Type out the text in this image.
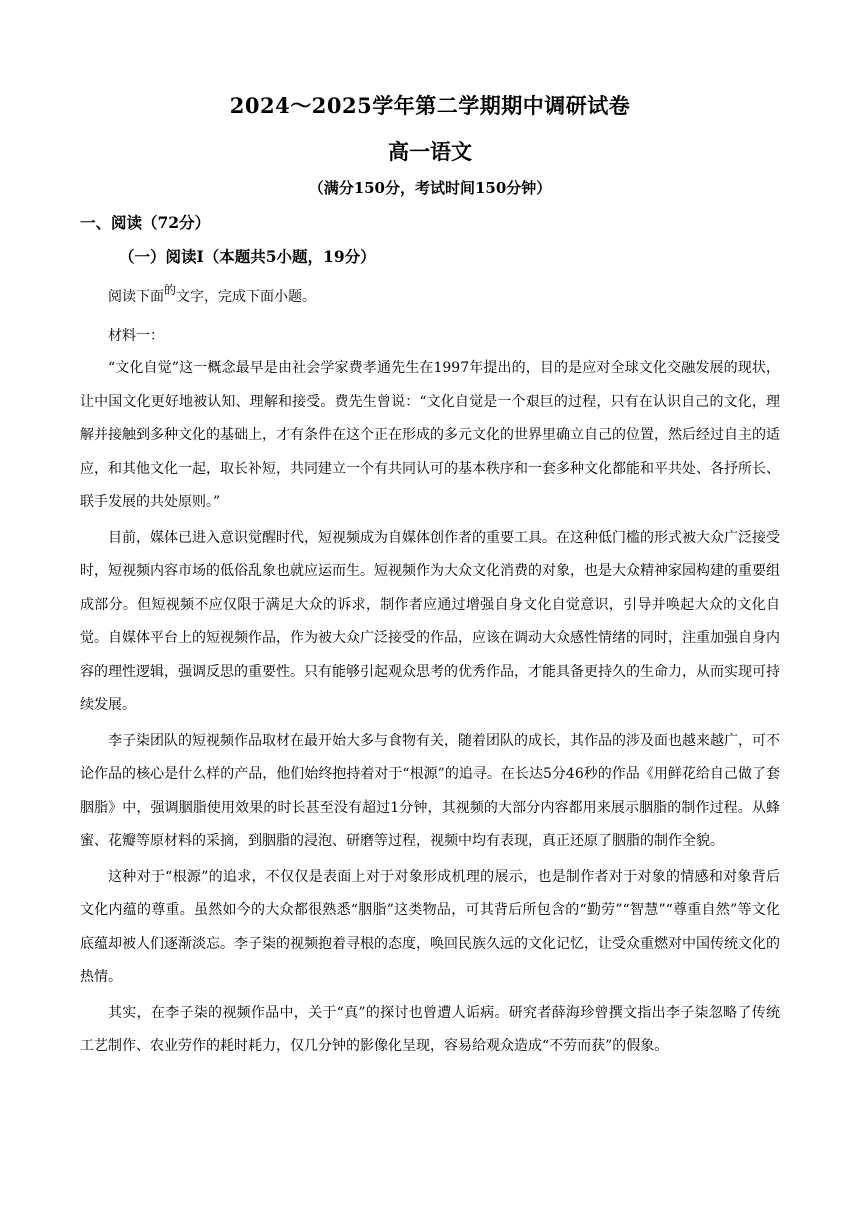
2024～2025学年第二学期期中调研试卷
高一语文
（满分150分，考试时间150分钟）
一、阅读（72分）
（一）阅读Ⅰ（本题共5小题，19分）
阅读下面的文字，完成下面小题。
材料一：

“文化自觉”这一概念最早是由社会学家费孝通先生在1997年提出的，目的是应对全球文化交融发展的现状，让中国文化更好地被认知、理解和接受。费先生曾说：“文化自觉是一个艰巨的过程，只有在认识自己的文化，理解并接触到多种文化的基础上，才有条件在这个正在形成的多元文化的世界里确立自己的位置，然后经过自主的适应，和其他文化一起，取长补短，共同建立一个有共同认可的基本秩序和一套多种文化都能和平共处、各抒所长、联手发展的共处原则。”

目前，媒体已进入意识觉醒时代，短视频成为自媒体创作者的重要工具。在这种低门槛的形式被大众广泛接受时，短视频内容市场的低俗乱象也就应运而生。短视频作为大众文化消费的对象，也是大众精神家园构建的重要组成部分。但短视频不应仅限于满足大众的诉求，制作者应通过增强自身文化自觉意识，引导并唤起大众的文化自觉。自媒体平台上的短视频作品，作为被大众广泛接受的作品，应该在调动大众感性情绪的同时，注重加强自身内容的理性逻辑，强调反思的重要性。只有能够引起观众思考的优秀作品，才能具备更持久的生命力，从而实现可持续发展。

李子柒团队的短视频作品取材在最开始大多与食物有关，随着团队的成长，其作品的涉及面也越来越广，可不论作品的核心是什么样的产品，他们始终抱持着对于“根源”的追寻。在长达5分46秒的作品《用鲜花给自己做了套胭脂》中，强调胭脂使用效果的时长甚至没有超过1分钟，其视频的大部分内容都用来展示胭脂的制作过程。从蜂蜜、花瓣等原材料的采摘，到胭脂的浸泡、研磨等过程，视频中均有表现，真正还原了胭脂的制作全貌。

这种对于“根源”的追求，不仅仅是表面上对于对象形成机理的展示，也是制作者对于对象的情感和对象背后文化内蕴的尊重。虽然如今的大众都很熟悉“胭脂”这类物品，可其背后所包含的“勤劳”“智慧”“尊重自然”等文化底蕴却被人们逐渐淡忘。李子柒的视频抱着寻根的态度，唤回民族久远的文化记忆，让受众重燃对中国传统文化的热情。

其实，在李子柒的视频作品中，关于“真”的探讨也曾遭人诟病。研究者薛海珍曾撰文指出李子柒忽略了传统工艺制作、农业劳作的耗时耗力，仅几分钟的影像化呈现，容易给观众造成“不劳而获”的假象。
